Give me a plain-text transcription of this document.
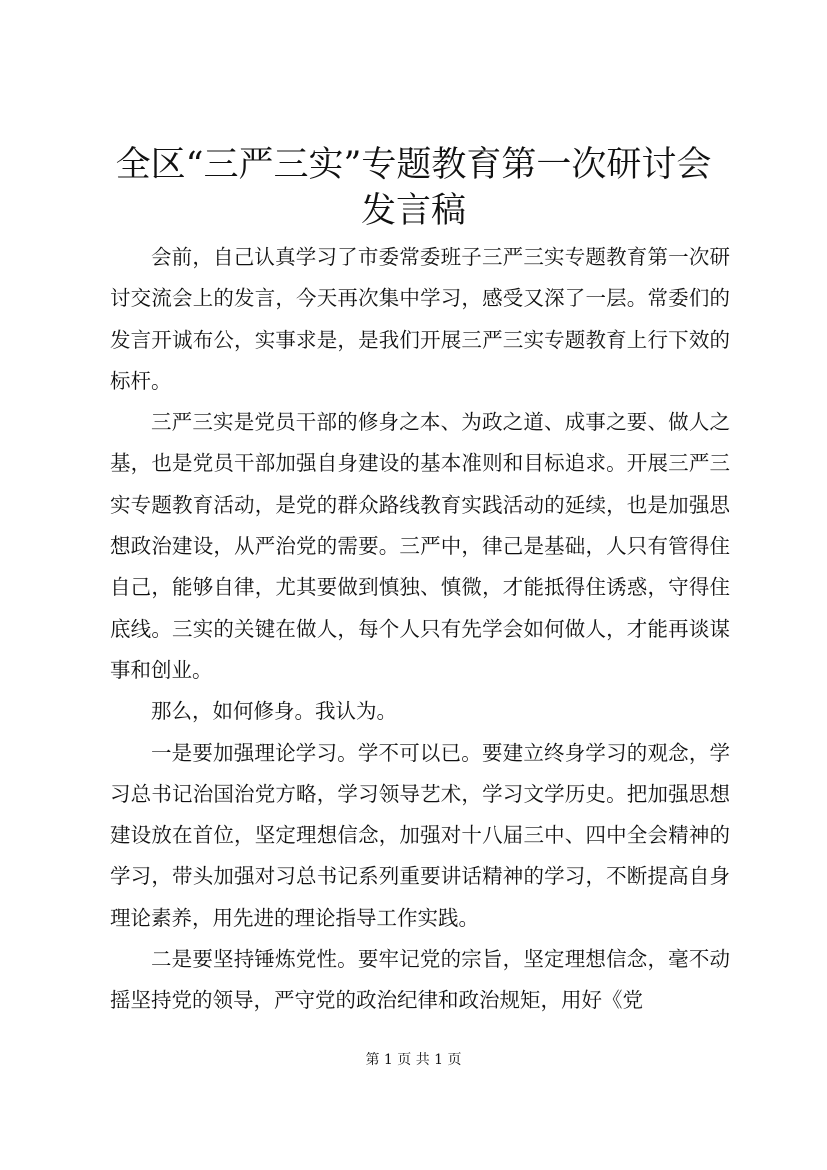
全区“三严三实”专题教育第一次研讨会发言稿

会前，自己认真学习了市委常委班子三严三实专题教育第一次研讨交流会上的发言，今天再次集中学习，感受又深了一层。常委们的发言开诚布公，实事求是，是我们开展三严三实专题教育上行下效的标杆。

三严三实是党员干部的修身之本、为政之道、成事之要、做人之基，也是党员干部加强自身建设的基本准则和目标追求。开展三严三实专题教育活动，是党的群众路线教育实践活动的延续，也是加强思想政治建设，从严治党的需要。三严中，律己是基础，人只有管得住自己，能够自律，尤其要做到慎独、慎微，才能抵得住诱惑，守得住底线。三实的关键在做人，每个人只有先学会如何做人，才能再谈谋事和创业。

那么，如何修身。我认为。

一是要加强理论学习。学不可以已。要建立终身学习的观念，学习总书记治国治党方略，学习领导艺术，学习文学历史。把加强思想建设放在首位，坚定理想信念，加强对十八届三中、四中全会精神的学习，带头加强对习总书记系列重要讲话精神的学习，不断提高自身理论素养，用先进的理论指导工作实践。

二是要坚持锤炼党性。要牢记党的宗旨，坚定理想信念，毫不动摇坚持党的领导，严守党的政治纪律和政治规矩，用好《党

第 1 页 共 1 页
